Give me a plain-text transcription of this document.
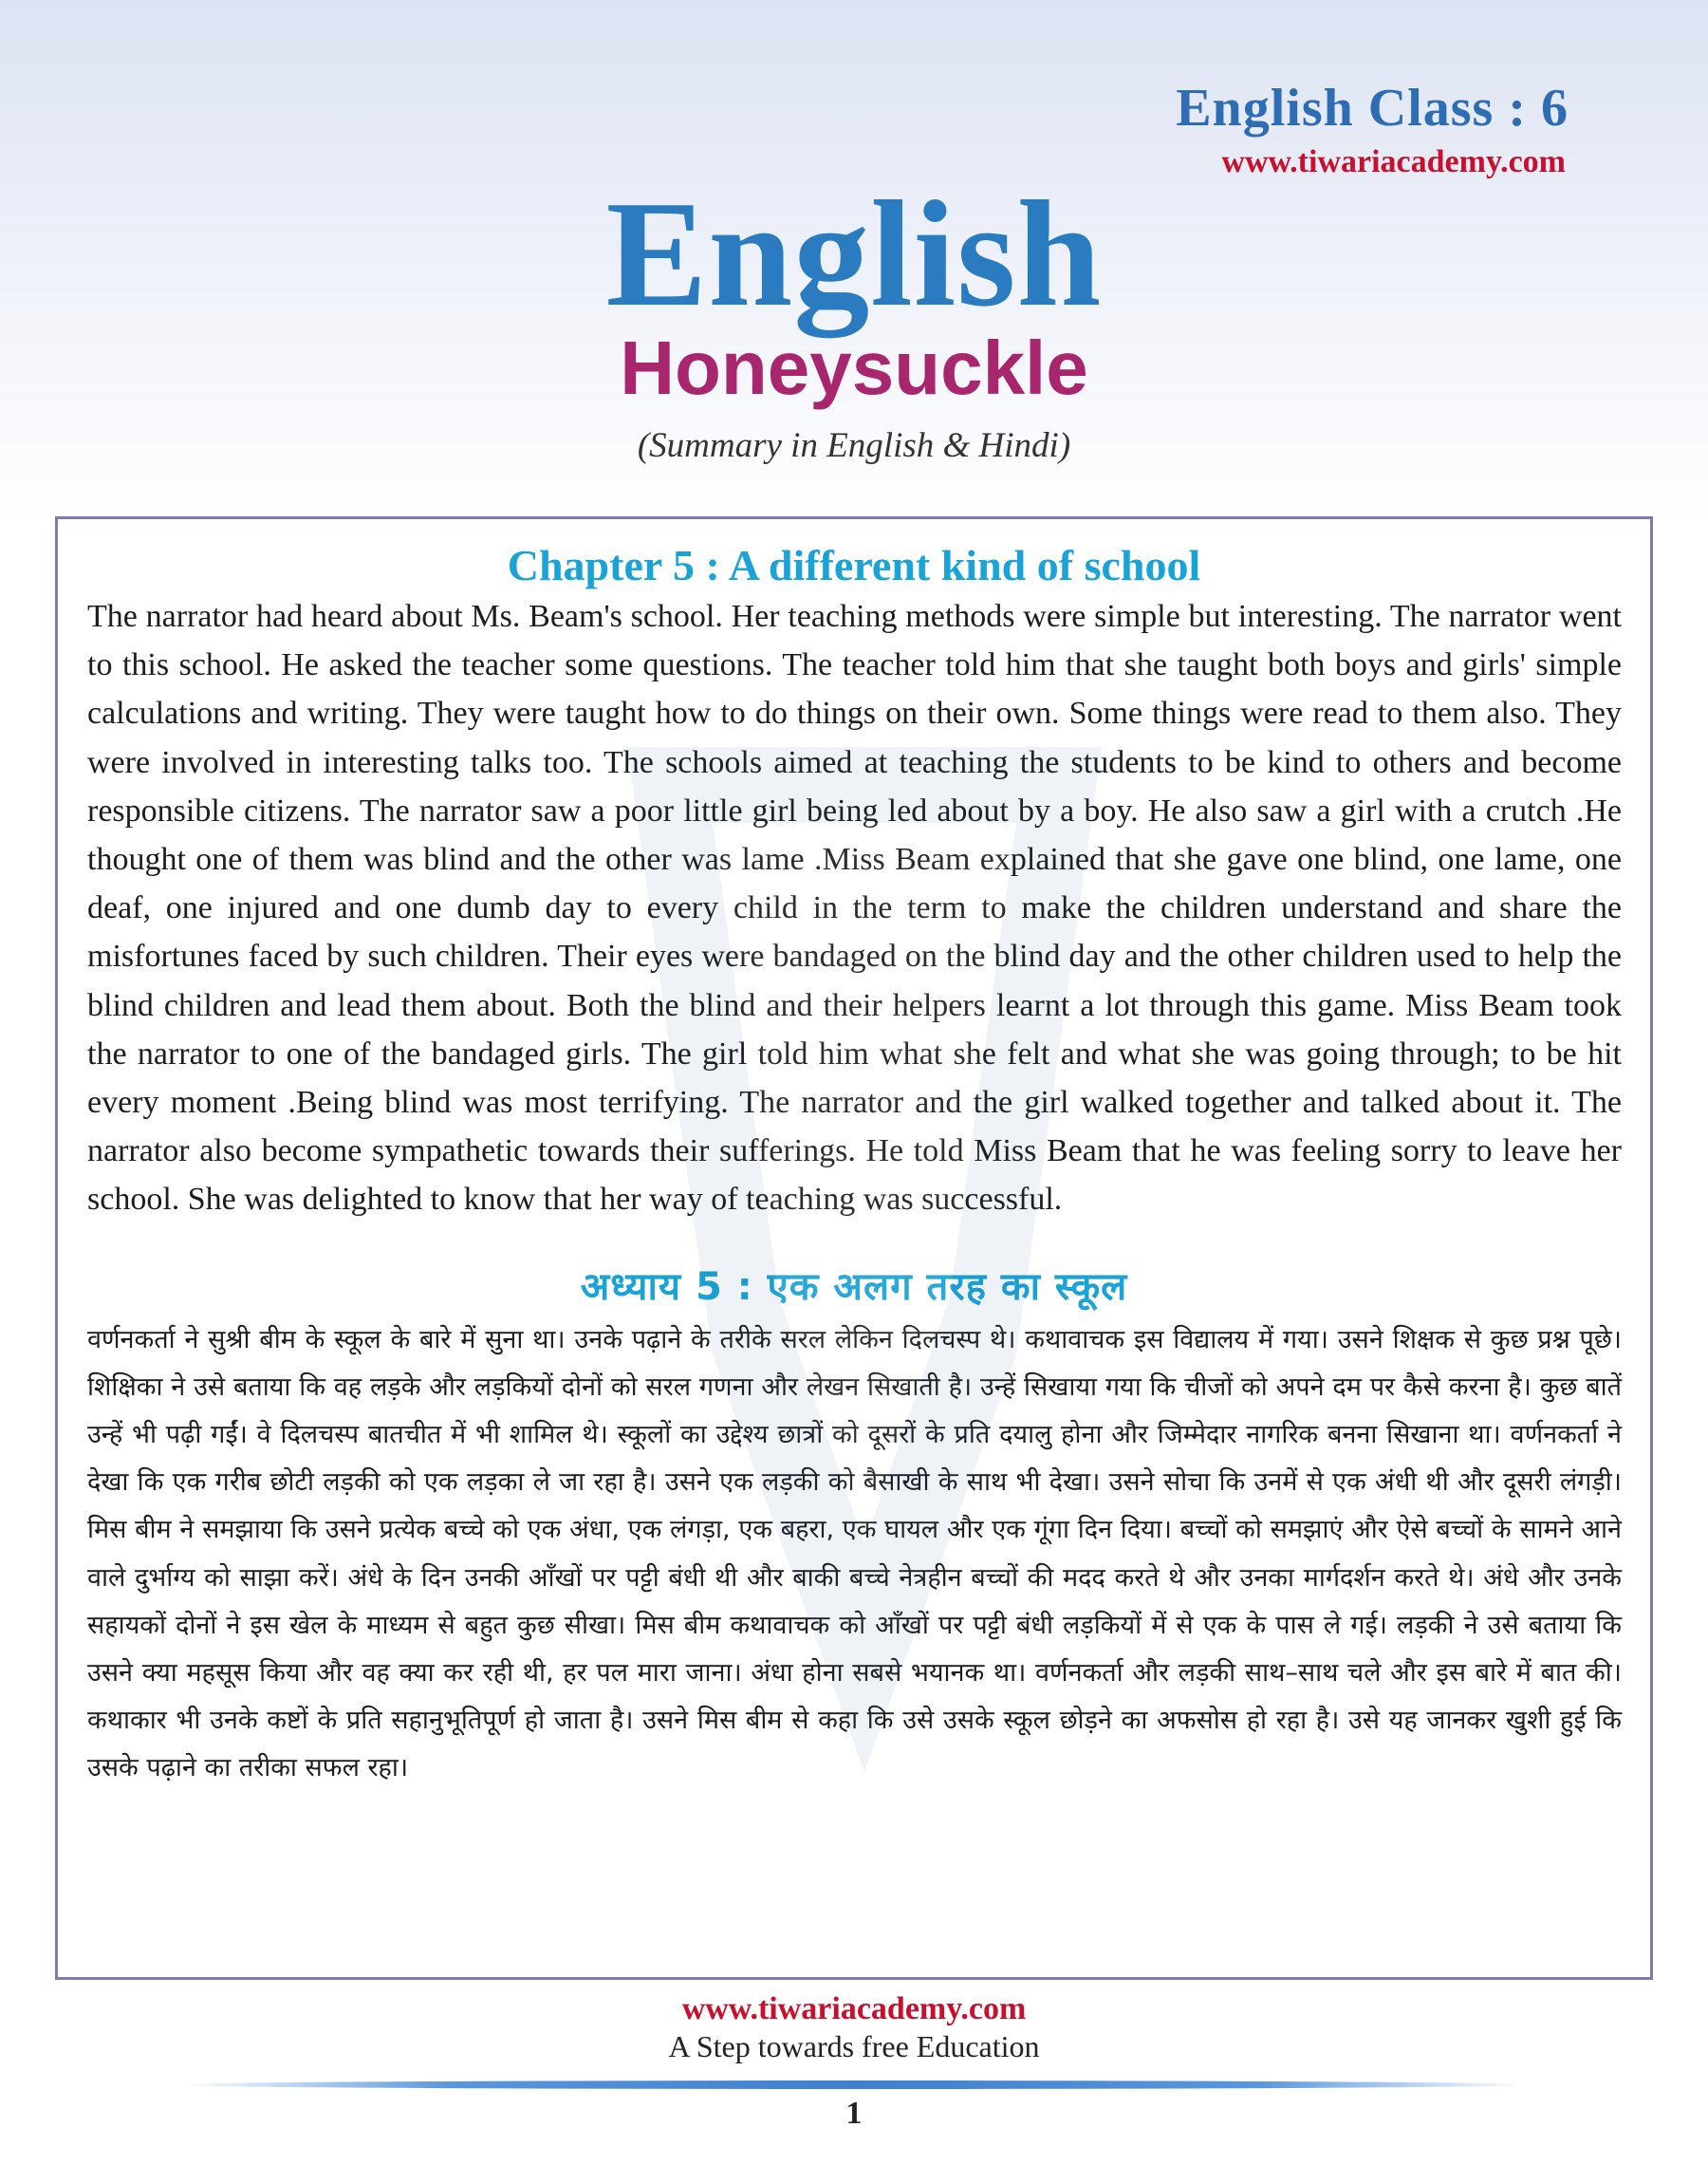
English Class : 6
www.tiwariacademy.com
English
Honeysuckle
(Summary in English & Hindi)
Chapter 5 : A different kind of school

The narrator had heard about Ms. Beam's school. Her teaching methods were simple but interesting. The narrator went to this school. He asked the teacher some questions. The teacher told him that she taught both boys and girls' simple calculations and writing. They were taught how to do things on their own. Some things were read to them also. They were involved in interesting talks too. The schools aimed at teaching the students to be kind to others and become responsible citizens. The narrator saw a poor little girl being led about by a boy. He also saw a girl with a crutch .He thought one of them was blind and the other was lame .Miss Beam explained that she gave one blind, one lame, one deaf, one injured and one dumb day to every child in the term to make the children understand and share the misfortunes faced by such children. Their eyes were bandaged on the blind day and the other children used to help the blind children and lead them about. Both the blind and their helpers learnt a lot through this game. Miss Beam took the narrator to one of the bandaged girls. The girl told him what she felt and what she was going through; to be hit every moment .Being blind was most terrifying. The narrator and the girl walked together and talked about it. The narrator also become sympathetic towards their sufferings. He told Miss Beam that he was feeling sorry to leave her school. She was delighted to know that her way of teaching was successful.

अध्याय 5 : एक अलग तरह का स्कूल

वर्णनकर्ता ने सुश्री बीम के स्कूल के बारे में सुना था। उनके पढ़ाने के तरीके सरल लेकिन दिलचस्प थे। कथावाचक इस विद्यालय में गया। उसने शिक्षक से कुछ प्रश्न पूछे। शिक्षिका ने उसे बताया कि वह लड़के और लड़कियों दोनों को सरल गणना और लेखन सिखाती है। उन्हें सिखाया गया कि चीजों को अपने दम पर कैसे करना है। कुछ बातें उन्हें भी पढ़ी गईं। वे दिलचस्प बातचीत में भी शामिल थे। स्कूलों का उद्देश्य छात्रों को दूसरों के प्रति दयालु होना और जिम्मेदार नागरिक बनना सिखाना था। वर्णनकर्ता ने देखा कि एक गरीब छोटी लड़की को एक लड़का ले जा रहा है। उसने एक लड़की को बैसाखी के साथ भी देखा। उसने सोचा कि उनमें से एक अंधी थी और दूसरी लंगड़ी। मिस बीम ने समझाया कि उसने प्रत्येक बच्चे को एक अंधा, एक लंगड़ा, एक बहरा, एक घायल और एक गूंगा दिन दिया। बच्चों को समझाएं और ऐसे बच्चों के सामने आने वाले दुर्भाग्य को साझा करें। अंधे के दिन उनकी आँखों पर पट्टी बंधी थी और बाकी बच्चे नेत्रहीन बच्चों की मदद करते थे और उनका मार्गदर्शन करते थे। अंधे और उनके सहायकों दोनों ने इस खेल के माध्यम से बहुत कुछ सीखा। मिस बीम कथावाचक को आँखों पर पट्टी बंधी लड़कियों में से एक के पास ले गई। लड़की ने उसे बताया कि उसने क्या महसूस किया और वह क्या कर रही थी, हर पल मारा जाना। अंधा होना सबसे भयानक था। वर्णनकर्ता और लड़की साथ–साथ चले और इस बारे में बात की। कथाकार भी उनके कष्टों के प्रति सहानुभूतिपूर्ण हो जाता है। उसने मिस बीम से कहा कि उसे उसके स्कूल छोड़ने का अफसोस हो रहा है। उसे यह जानकर खुशी हुई कि उसके पढ़ाने का तरीका सफल रहा।

www.tiwariacademy.com
A Step towards free Education
1
